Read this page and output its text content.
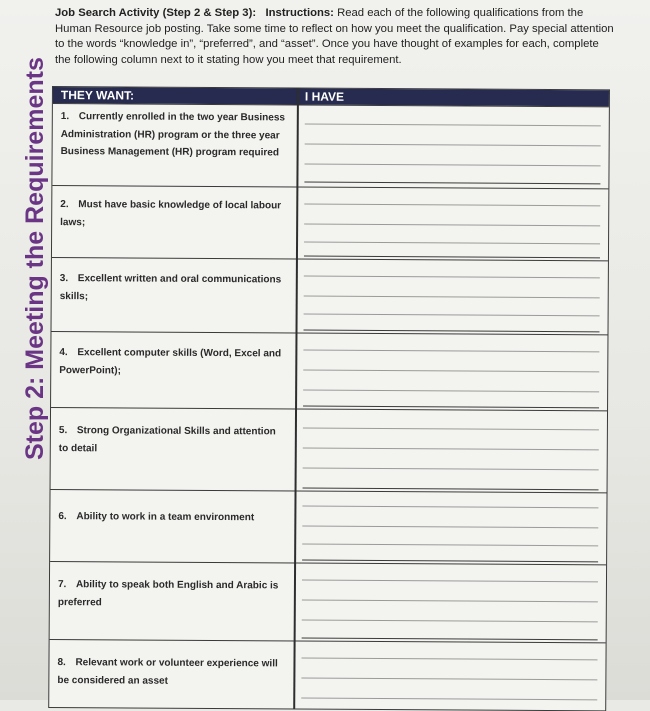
Step 2: Meeting the Requirements
Job Search Activity (Step 2 & Step 3): Instructions: Read each of the following qualifications from the Human Resource job posting. Take some time to reflect on how you meet the qualification. Pay special attention to the words “knowledge in”, “preferred”, and “asset”. Once you have thought of examples for each, complete the following column next to it stating how you meet that requirement.
THEY WANT:	I HAVE
1. Currently enrolled in the two year Business Administration (HR) program or the three year Business Management (HR) program required
2. Must have basic knowledge of local labour laws;
3. Excellent written and oral communications skills;
4. Excellent computer skills (Word, Excel and PowerPoint);
5. Strong Organizational Skills and attention to detail
6. Ability to work in a team environment
7. Ability to speak both English and Arabic is preferred
8. Relevant work or volunteer experience will be considered an asset
